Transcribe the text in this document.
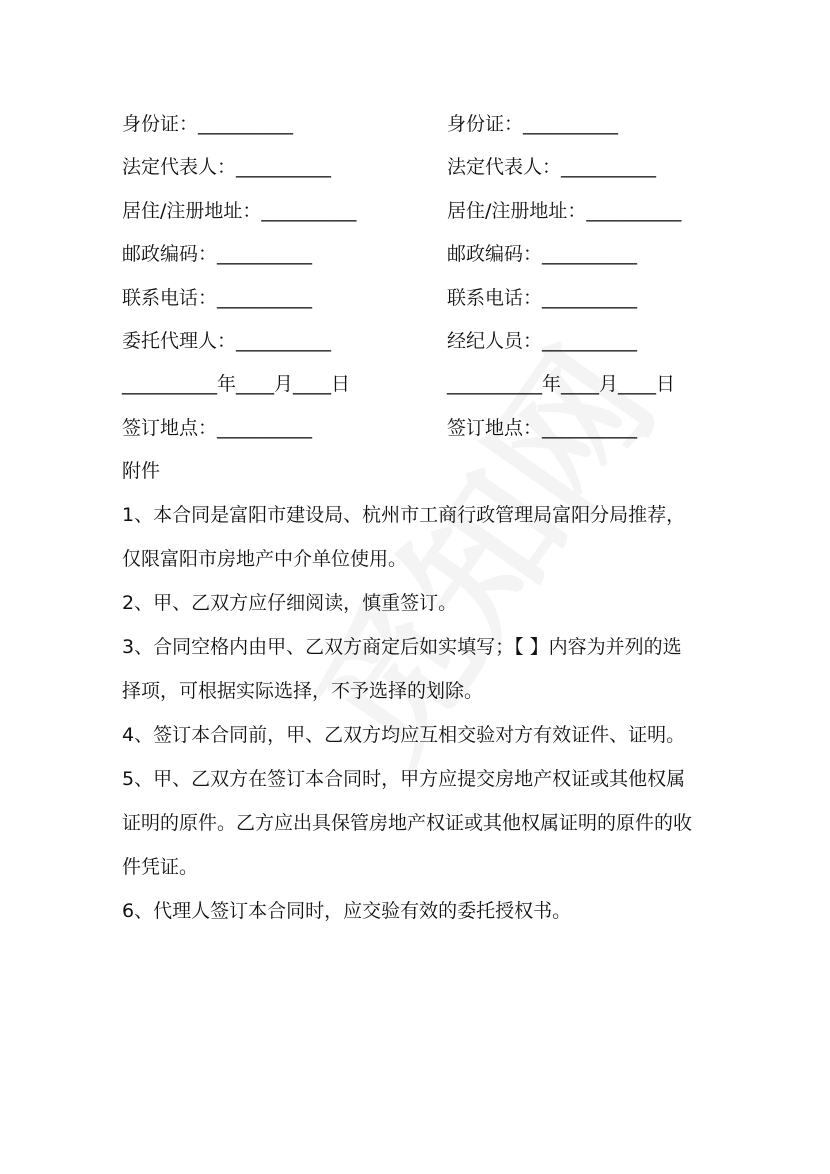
身份证：__________
法定代表人：__________
居住/注册地址：__________
邮政编码：__________
联系电话：__________
委托代理人：__________
__________年____月____日
签订地点：__________
身份证：__________
法定代表人：__________
居住/注册地址：__________
邮政编码：__________
联系电话：__________
经纪人员：__________
__________年____月____日
签订地点：__________
附件
1、本合同是富阳市建设局、杭州市工商行政管理局富阳分局推荐，
仅限富阳市房地产中介单位使用。
2、甲、乙双方应仔细阅读，慎重签订。
3、合同空格内由甲、乙双方商定后如实填写；【 】内容为并列的选
择项，可根据实际选择，不予选择的划除。
4、签订本合同前，甲、乙双方均应互相交验对方有效证件、证明。
5、甲、乙双方在签订本合同时，甲方应提交房地产权证或其他权属
证明的原件。乙方应出具保管房地产权证或其他权属证明的原件的收
件凭证。
6、代理人签订本合同时，应交验有效的委托授权书。
